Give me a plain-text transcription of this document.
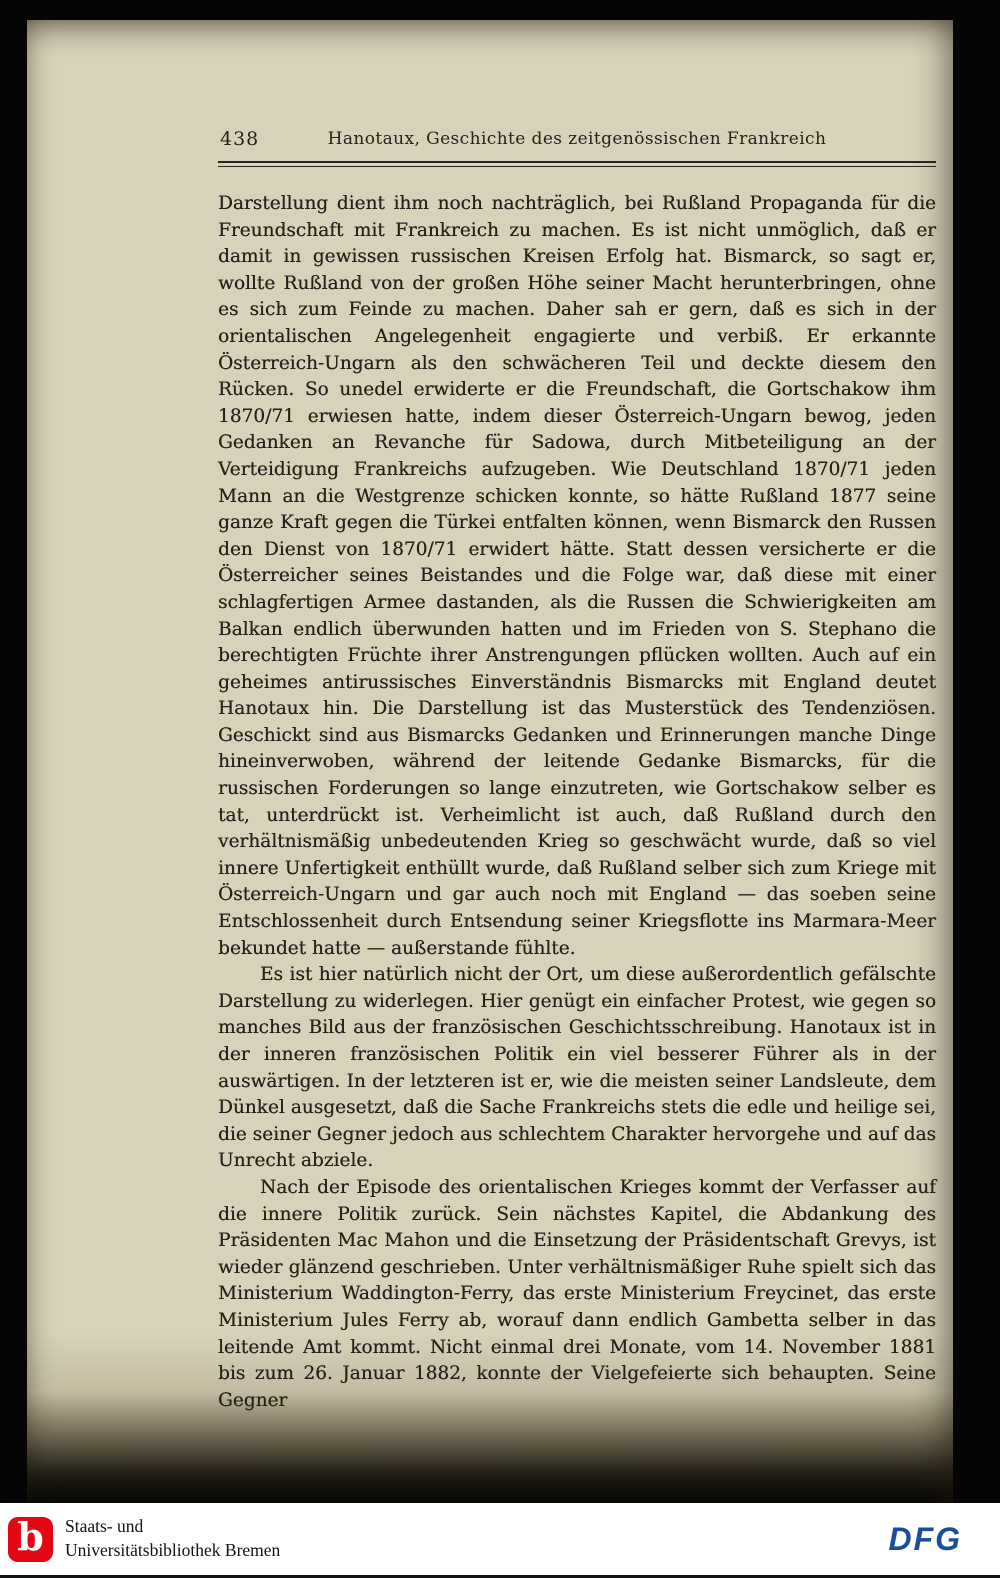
438	Hanotaux, Geschichte des zeitgenössischen Frankreich

Darstellung dient ihm noch nachträglich, bei Rußland Propaganda für die Freundschaft mit Frankreich zu machen. Es ist nicht unmöglich, daß er damit in gewissen russischen Kreisen Erfolg hat. Bismarck, so sagt er, wollte Rußland von der großen Höhe seiner Macht herunterbringen, ohne es sich zum Feinde zu machen. Daher sah er gern, daß es sich in der orientalischen Angelegenheit engagierte und verbiß. Er erkannte Österreich-Ungarn als den schwächeren Teil und deckte diesem den Rücken. So unedel erwiderte er die Freundschaft, die Gortschakow ihm 1870/71 erwiesen hatte, indem dieser Österreich-Ungarn bewog, jeden Gedanken an Revanche für Sadowa, durch Mitbeteiligung an der Verteidigung Frankreichs aufzugeben. Wie Deutschland 1870/71 jeden Mann an die Westgrenze schicken konnte, so hätte Rußland 1877 seine ganze Kraft gegen die Türkei entfalten können, wenn Bismarck den Russen den Dienst von 1870/71 erwidert hätte. Statt dessen versicherte er die Österreicher seines Beistandes und die Folge war, daß diese mit einer schlagfertigen Armee dastanden, als die Russen die Schwierigkeiten am Balkan endlich überwunden hatten und im Frieden von S. Stephano die berechtigten Früchte ihrer Anstrengungen pflücken wollten. Auch auf ein geheimes antirussisches Einverständnis Bismarcks mit England deutet Hanotaux hin. Die Darstellung ist das Musterstück des Tendenziösen. Geschickt sind aus Bismarcks Gedanken und Erinnerungen manche Dinge hineinverwoben, während der leitende Gedanke Bismarcks, für die russischen Forderungen so lange einzutreten, wie Gortschakow selber es tat, unterdrückt ist. Verheimlicht ist auch, daß Rußland durch den verhältnismäßig unbedeutenden Krieg so geschwächt wurde, daß so viel innere Unfertigkeit enthüllt wurde, daß Rußland selber sich zum Kriege mit Österreich-Ungarn und gar auch noch mit England — das soeben seine Entschlossenheit durch Entsendung seiner Kriegsflotte ins Marmara-Meer bekundet hatte — außerstande fühlte.

Es ist hier natürlich nicht der Ort, um diese außerordentlich gefälschte Darstellung zu widerlegen. Hier genügt ein einfacher Protest, wie gegen so manches Bild aus der französischen Geschichtsschreibung. Hanotaux ist in der inneren französischen Politik ein viel besserer Führer als in der auswärtigen. In der letzteren ist er, wie die meisten seiner Landsleute, dem Dünkel ausgesetzt, daß die Sache Frankreichs stets die edle und heilige sei, die seiner Gegner jedoch aus schlechtem Charakter hervorgehe und auf das Unrecht abziele.

Nach der Episode des orientalischen Krieges kommt der Verfasser auf die innere Politik zurück. Sein nächstes Kapitel, die Abdankung des Präsidenten Mac Mahon und die Einsetzung der Präsidentschaft Grevys, ist wieder glänzend geschrieben. Unter verhältnismäßiger Ruhe spielt sich das Ministerium Waddington-Ferry, das erste Ministerium Freycinet, das erste Ministerium Jules Ferry ab, worauf dann endlich Gambetta selber in das leitende Amt kommt. Nicht einmal drei Monate, vom 14. November 1881 bis zum 26. Januar 1882, konnte der Vielgefeierte sich behaupten. Seine Gegner

b Staats- und
Universitätsbibliothek Bremen	DFG
